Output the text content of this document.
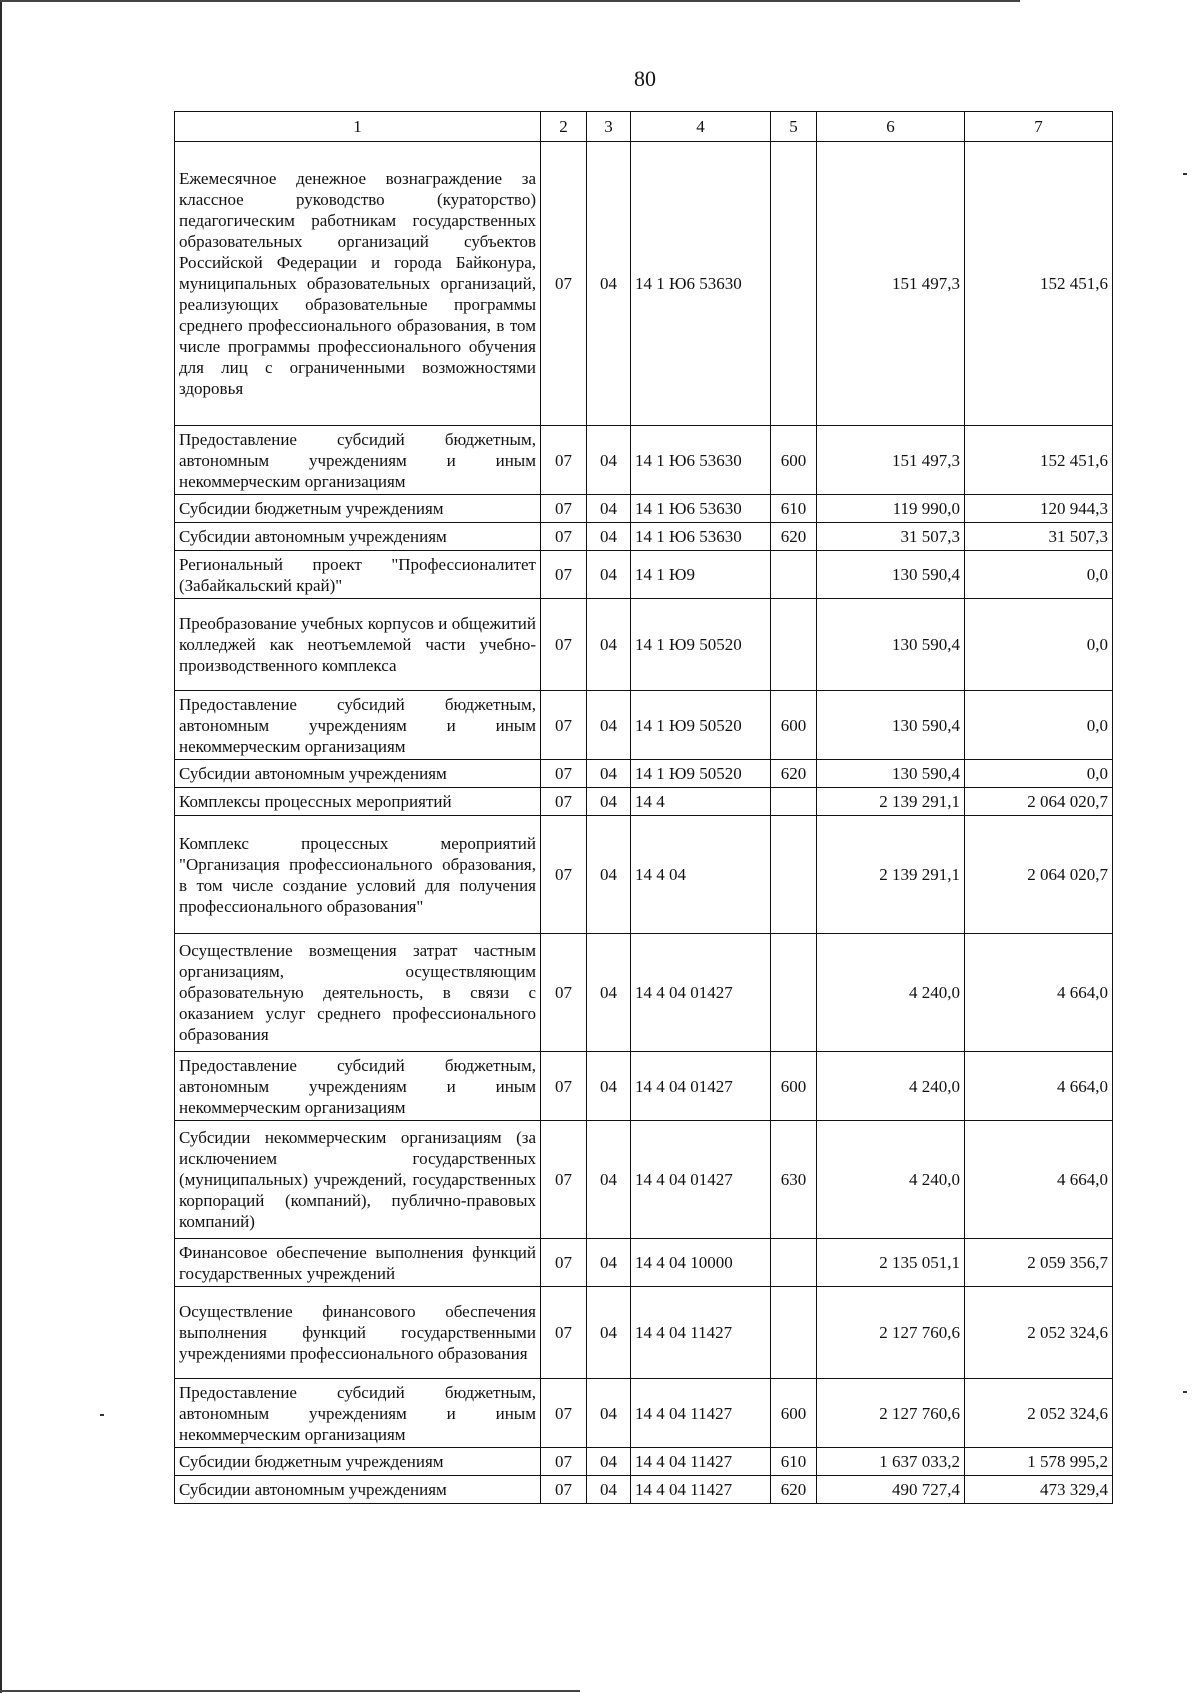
80
1	2	3	4	5	6	7
Ежемесячное денежное вознаграждение за классное руководство (кураторство) педагогическим работникам государственных образовательных организаций субъектов Российской Федерации и города Байконура, муниципальных образовательных организаций, реализующих образовательные программы среднего профессионального образования, в том числе программы профессионального обучения для лиц с ограниченными возможностями здоровья	07	04	14 1 Ю6 53630		151 497,3	152 451,6
Предоставление субсидий бюджетным, автономным учреждениям и иным некоммерческим организациям	07	04	14 1 Ю6 53630	600	151 497,3	152 451,6
Субсидии бюджетным учреждениям	07	04	14 1 Ю6 53630	610	119 990,0	120 944,3
Субсидии автономным учреждениям	07	04	14 1 Ю6 53630	620	31 507,3	31 507,3
Региональный проект "Профессионалитет (Забайкальский край)"	07	04	14 1 Ю9		130 590,4	0,0
Преобразование учебных корпусов и общежитий колледжей как неотъемлемой части учебно-производственного комплекса	07	04	14 1 Ю9 50520		130 590,4	0,0
Предоставление субсидий бюджетным, автономным учреждениям и иным некоммерческим организациям	07	04	14 1 Ю9 50520	600	130 590,4	0,0
Субсидии автономным учреждениям	07	04	14 1 Ю9 50520	620	130 590,4	0,0
Комплексы процессных мероприятий	07	04	14 4		2 139 291,1	2 064 020,7
Комплекс процессных мероприятий "Организация профессионального образования, в том числе создание условий для получения профессионального образования"	07	04	14 4 04		2 139 291,1	2 064 020,7
Осуществление возмещения затрат частным организациям, осуществляющим образовательную деятельность, в связи с оказанием услуг среднего профессионального образования	07	04	14 4 04 01427		4 240,0	4 664,0
Предоставление субсидий бюджетным, автономным учреждениям и иным некоммерческим организациям	07	04	14 4 04 01427	600	4 240,0	4 664,0
Субсидии некоммерческим организациям (за исключением государственных (муниципальных) учреждений, государственных корпораций (компаний), публично-правовых компаний)	07	04	14 4 04 01427	630	4 240,0	4 664,0
Финансовое обеспечение выполнения функций государственных учреждений	07	04	14 4 04 10000		2 135 051,1	2 059 356,7
Осуществление финансового обеспечения выполнения функций государственными учреждениями профессионального образования	07	04	14 4 04 11427		2 127 760,6	2 052 324,6
Предоставление субсидий бюджетным, автономным учреждениям и иным некоммерческим организациям	07	04	14 4 04 11427	600	2 127 760,6	2 052 324,6
Субсидии бюджетным учреждениям	07	04	14 4 04 11427	610	1 637 033,2	1 578 995,2
Субсидии автономным учреждениям	07	04	14 4 04 11427	620	490 727,4	473 329,4
